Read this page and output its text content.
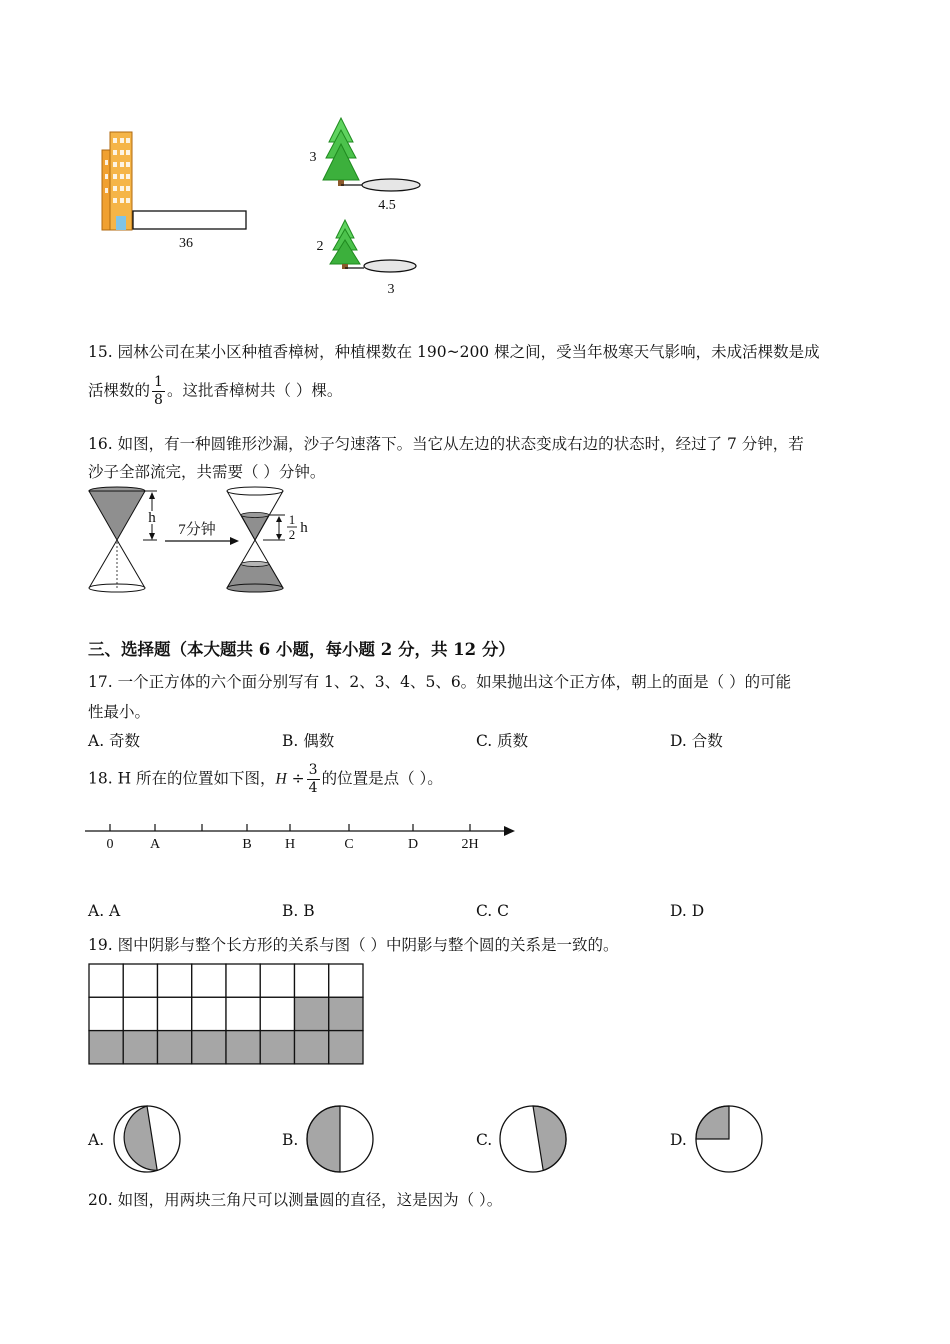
36
3
4.5
2
3
15. 园林公司在某小区种植香樟树，种植棵数在 190~200 棵之间，受当年极寒天气影响，未成活棵数是成
活棵数的 $\frac{1}{8}$ 。这批香樟树共（ ）棵。
16. 如图，有一种圆锥形沙漏，沙子匀速落下。当它从左边的状态变成右边的状态时，经过了 7 分钟，若
沙子全部流完，共需要（ ）分钟。
h
7分钟
1
2 h
三、选择题（本大题共 6 小题，每小题 2 分，共 12 分）
17. 一个正方体的六个面分别写有 1、2、3、4、5、6。如果抛出这个正方体，朝上的面是（ ）的可能
性最小。
A. 奇数	B. 偶数	C. 质数	D. 合数
18. H 所在的位置如下图，$H \div \frac{3}{4}$ 的位置是点（ ）。
0	A	B H	C	D	2H
A. A	B. B	C. C	D. D
19. 图中阴影与整个长方形的关系与图（ ）中阴影与整个圆的关系是一致的。
A.	B.	C.	D.
20. 如图，用两块三角尺可以测量圆的直径，这是因为（ ）。
